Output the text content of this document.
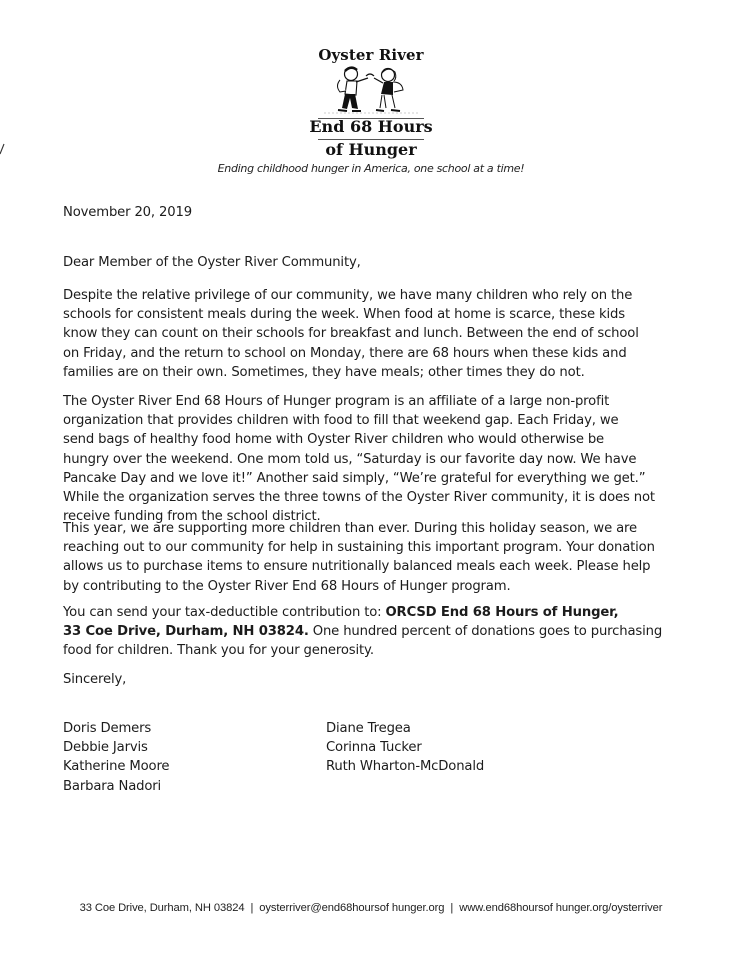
Oyster River
End 68 Hours
of Hunger
Ending childhood hunger in America, one school at a time!
November 20, 2019
Dear Member of the Oyster River Community,
Despite the relative privilege of our community, we have many children who rely on the
schools for consistent meals during the week. When food at home is scarce, these kids
know they can count on their schools for breakfast and lunch. Between the end of school
on Friday, and the return to school on Monday, there are 68 hours when these kids and
families are on their own. Sometimes, they have meals; other times they do not.
The Oyster River End 68 Hours of Hunger program is an affiliate of a large non-profit
organization that provides children with food to fill that weekend gap. Each Friday, we
send bags of healthy food home with Oyster River children who would otherwise be
hungry over the weekend. One mom told us, “Saturday is our favorite day now. We have
Pancake Day and we love it!” Another said simply, “We’re grateful for everything we get.”
While the organization serves the three towns of the Oyster River community, it is does not
receive funding from the school district.
This year, we are supporting more children than ever. During this holiday season, we are
reaching out to our community for help in sustaining this important program. Your donation
allows us to purchase items to ensure nutritionally balanced meals each week. Please help
by contributing to the Oyster River End 68 Hours of Hunger program.
You can send your tax-deductible contribution to: ORCSD End 68 Hours of Hunger,
33 Coe Drive, Durham, NH 03824. One hundred percent of donations goes to purchasing
food for children. Thank you for your generosity.
Sincerely,
Doris Demers
Debbie Jarvis
Katherine Moore
Barbara Nadori
Diane Tregea
Corinna Tucker
Ruth Wharton-McDonald
33 Coe Drive, Durham, NH 03824 | oysterriver@end68hoursof hunger.org | www.end68hoursof hunger.org/oysterriver
